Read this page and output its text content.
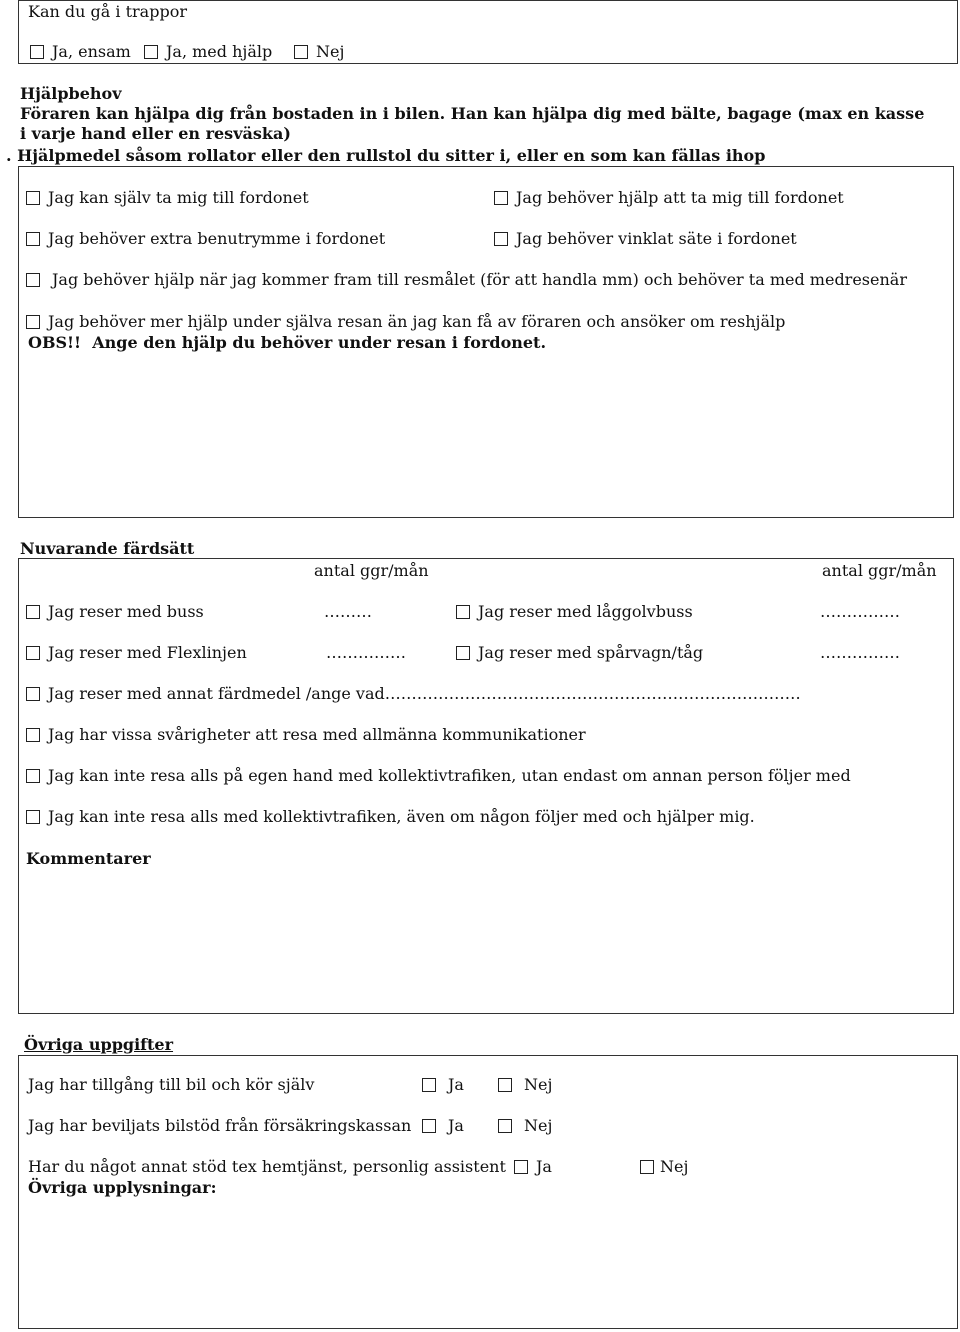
Kan du gå i trappor
Ja, ensam	Ja, med hjälp	Nej
Hjälpbehov
Föraren kan hjälpa dig från bostaden in i bilen. Han kan hjälpa dig med bälte, bagage (max en kasse
i varje hand eller en resväska)
. Hjälpmedel såsom rollator eller den rullstol du sitter i, eller en som kan fällas ihop
Jag kan själv ta mig till fordonet	Jag behöver hjälp att ta mig till fordonet
Jag behöver extra benutrymme i fordonet	Jag behöver vinklat säte i fordonet
Jag behöver hjälp när jag kommer fram till resmålet (för att handla mm) och behöver ta med medresenär
Jag behöver mer hjälp under själva resan än jag kan få av föraren och ansöker om reshjälp
OBS!! Ange den hjälp du behöver under resan i fordonet.
Nuvarande färdsätt
antal ggr/mån	antal ggr/mån
Jag reser med buss	………	Jag reser med låggolvbuss	……………
Jag reser med Flexlinjen	……………	Jag reser med spårvagn/tåg	……………
Jag reser med annat färdmedel /ange vad……………………………………………………………………
Jag har vissa svårigheter att resa med allmänna kommunikationer
Jag kan inte resa alls på egen hand med kollektivtrafiken, utan endast om annan person följer med
Jag kan inte resa alls med kollektivtrafiken, även om någon följer med och hjälper mig.
Kommentarer
Övriga uppgifter
Jag har tillgång till bil och kör själv	Ja	Nej
Jag har beviljats bilstöd från försäkringskassan	Ja	Nej
Har du något annat stöd tex hemtjänst, personlig assistent	Ja	Nej
Övriga upplysningar:
